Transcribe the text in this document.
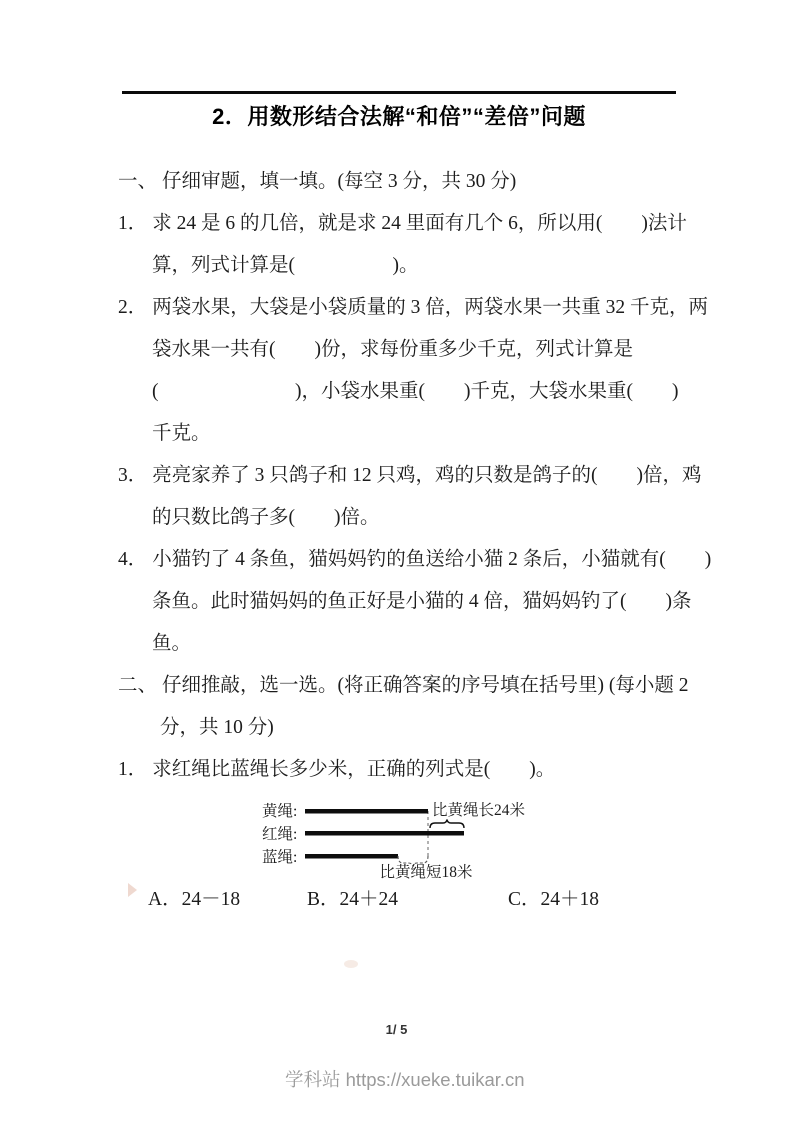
2．用数形结合法解“和倍”“差倍”问题
一、 仔细审题，填一填。(每空 3 分，共 30 分)
1． 求 24 是 6 的几倍，就是求 24 里面有几个 6，所以用(　　)法计
算，列式计算是(　　　　　)。
2． 两袋水果，大袋是小袋质量的 3 倍，两袋水果一共重 32 千克，两
袋水果一共有(　　)份，求每份重多少千克，列式计算是
(　　　　　　　)，小袋水果重(　　)千克，大袋水果重(　　)
千克。
3． 亮亮家养了 3 只鸽子和 12 只鸡，鸡的只数是鸽子的(　　)倍，鸡
的只数比鸽子多(　　)倍。
4． 小猫钓了 4 条鱼，猫妈妈钓的鱼送给小猫 2 条后，小猫就有(　　)
条鱼。此时猫妈妈的鱼正好是小猫的 4 倍，猫妈妈钓了(　　)条
鱼。
二、 仔细推敲，选一选。(将正确答案的序号填在括号里) (每小题 2
分，共 10 分)
1． 求红绳比蓝绳长多少米，正确的列式是(　　)。
黄绳:
红绳:
蓝绳:
比黄绳长24米
比黄绳短18米
A．24－18	B．24＋24	C．24＋18
1/ 5
学科站 https://xueke.tuikar.cn
